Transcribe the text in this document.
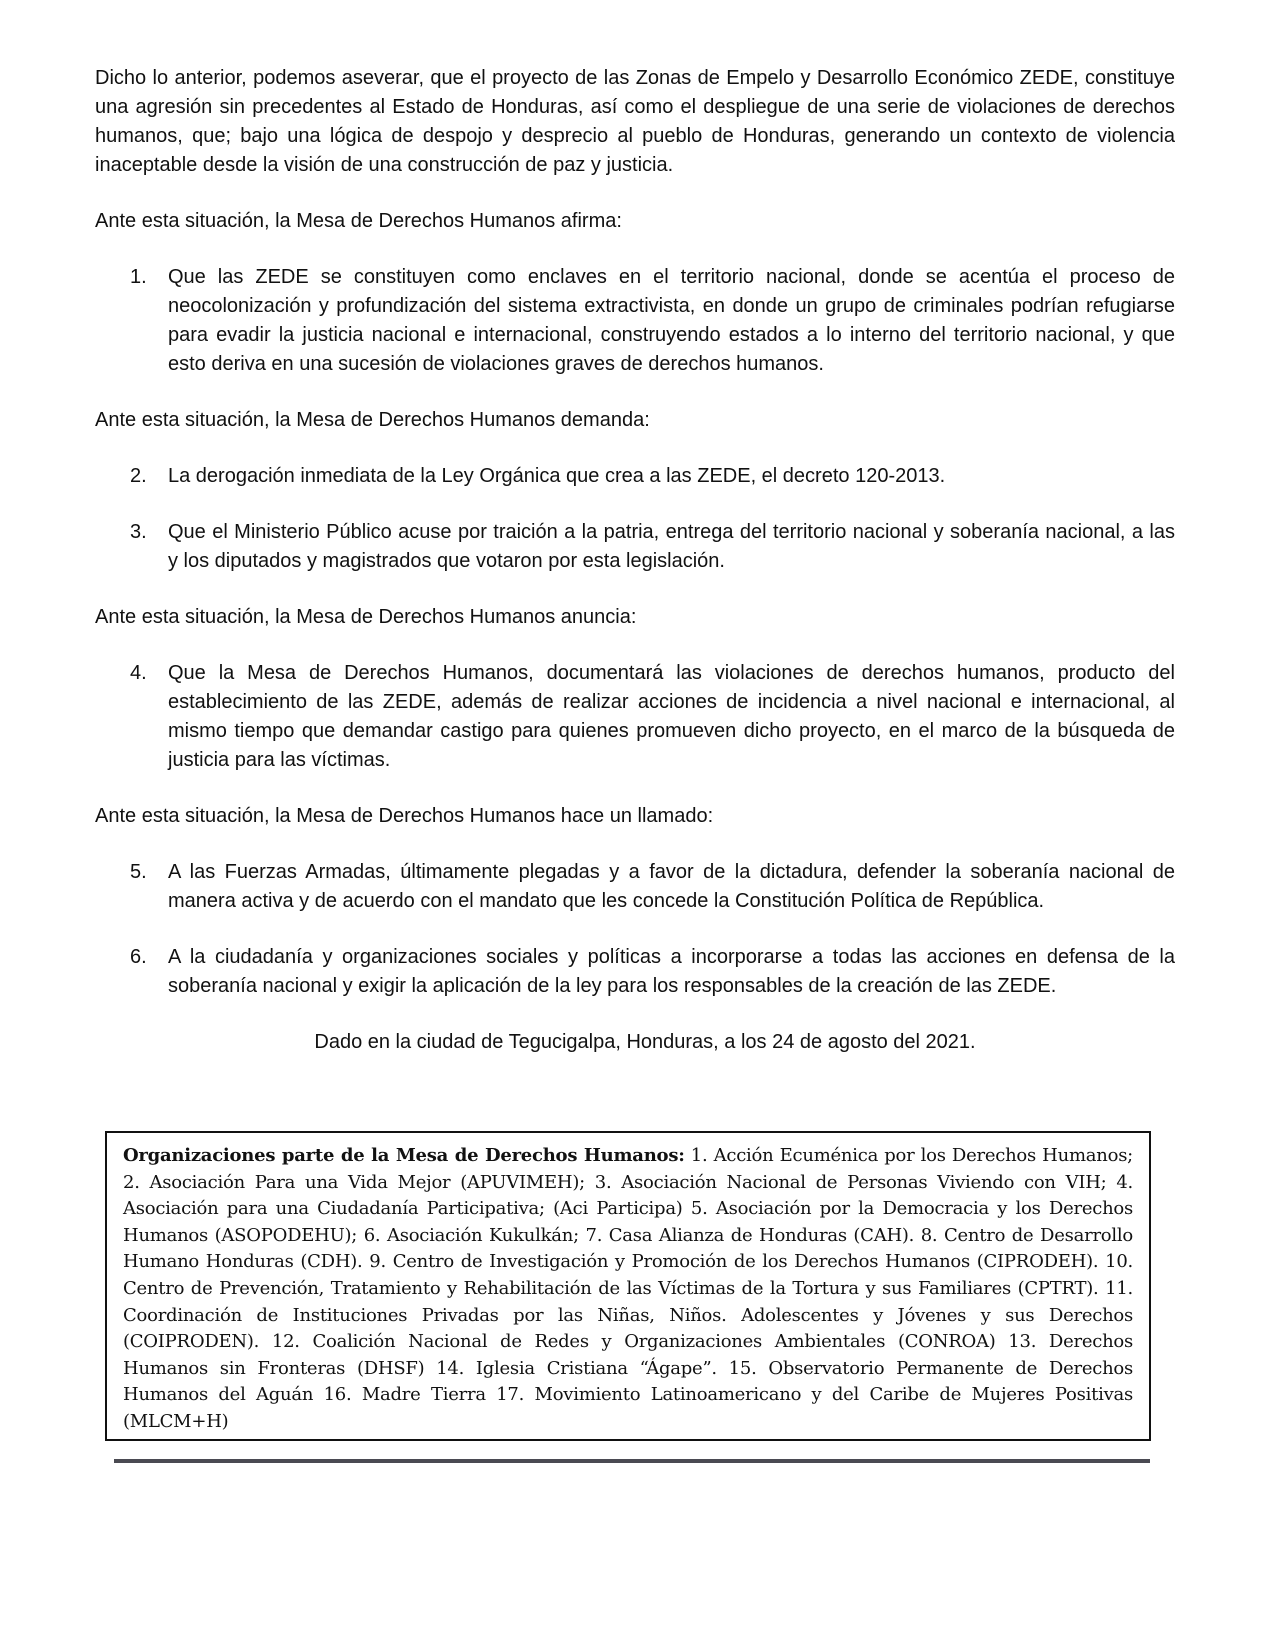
Dicho lo anterior, podemos aseverar, que el proyecto de las Zonas de Empelo y Desarrollo Económico ZEDE, constituye una agresión sin precedentes al Estado de Honduras, así como el despliegue de una serie de violaciones de derechos humanos, que; bajo una lógica de despojo y desprecio al pueblo de Honduras, generando un contexto de violencia inaceptable desde la visión de una construcción de paz y justicia.

Ante esta situación, la Mesa de Derechos Humanos afirma:

1.	Que las ZEDE se constituyen como enclaves en el territorio nacional, donde se acentúa el proceso de neocolonización y profundización del sistema extractivista, en donde un grupo de criminales podrían refugiarse para evadir la justicia nacional e internacional, construyendo estados a lo interno del territorio nacional, y que esto deriva en una sucesión de violaciones graves de derechos humanos.

Ante esta situación, la Mesa de Derechos Humanos demanda:

2.	La derogación inmediata de la Ley Orgánica que crea a las ZEDE, el decreto 120-2013.
3.	Que el Ministerio Público acuse por traición a la patria, entrega del territorio nacional y soberanía nacional, a las y los diputados y magistrados que votaron por esta legislación.

Ante esta situación, la Mesa de Derechos Humanos anuncia:

4.	Que la Mesa de Derechos Humanos, documentará las violaciones de derechos humanos, producto del establecimiento de las ZEDE, además de realizar acciones de incidencia a nivel nacional e internacional, al mismo tiempo que demandar castigo para quienes promueven dicho proyecto, en el marco de la búsqueda de justicia para las víctimas.

Ante esta situación, la Mesa de Derechos Humanos hace un llamado:

5.	A las Fuerzas Armadas, últimamente plegadas y a favor de la dictadura, defender la soberanía nacional de manera activa y de acuerdo con el mandato que les concede la Constitución Política de República.
6.	A la ciudadanía y organizaciones sociales y políticas a incorporarse a todas las acciones en defensa de la soberanía nacional y exigir la aplicación de la ley para los responsables de la creación de las ZEDE.

Dado en la ciudad de Tegucigalpa, Honduras, a los 24 de agosto del 2021.

Organizaciones parte de la Mesa de Derechos Humanos: 1. Acción Ecuménica por los Derechos Humanos; 2. Asociación Para una Vida Mejor (APUVIMEH); 3. Asociación Nacional de Personas Viviendo con VIH; 4. Asociación para una Ciudadanía Participativa; (Aci Participa) 5. Asociación por la Democracia y los Derechos Humanos (ASOPODEHU); 6. Asociación Kukulkán; 7. Casa Alianza de Honduras (CAH). 8. Centro de Desarrollo Humano Honduras (CDH). 9. Centro de Investigación y Promoción de los Derechos Humanos (CIPRODEH). 10. Centro de Prevención, Tratamiento y Rehabilitación de las Víctimas de la Tortura y sus Familiares (CPTRT). 11. Coordinación de Instituciones Privadas por las Niñas, Niños. Adolescentes y Jóvenes y sus Derechos (COIPRODEN). 12. Coalición Nacional de Redes y Organizaciones Ambientales (CONROA) 13. Derechos Humanos sin Fronteras (DHSF) 14. Iglesia Cristiana “Ágape”. 15. Observatorio Permanente de Derechos Humanos del Aguán 16. Madre Tierra 17. Movimiento Latinoamericano y del Caribe de Mujeres Positivas (MLCM+H)
